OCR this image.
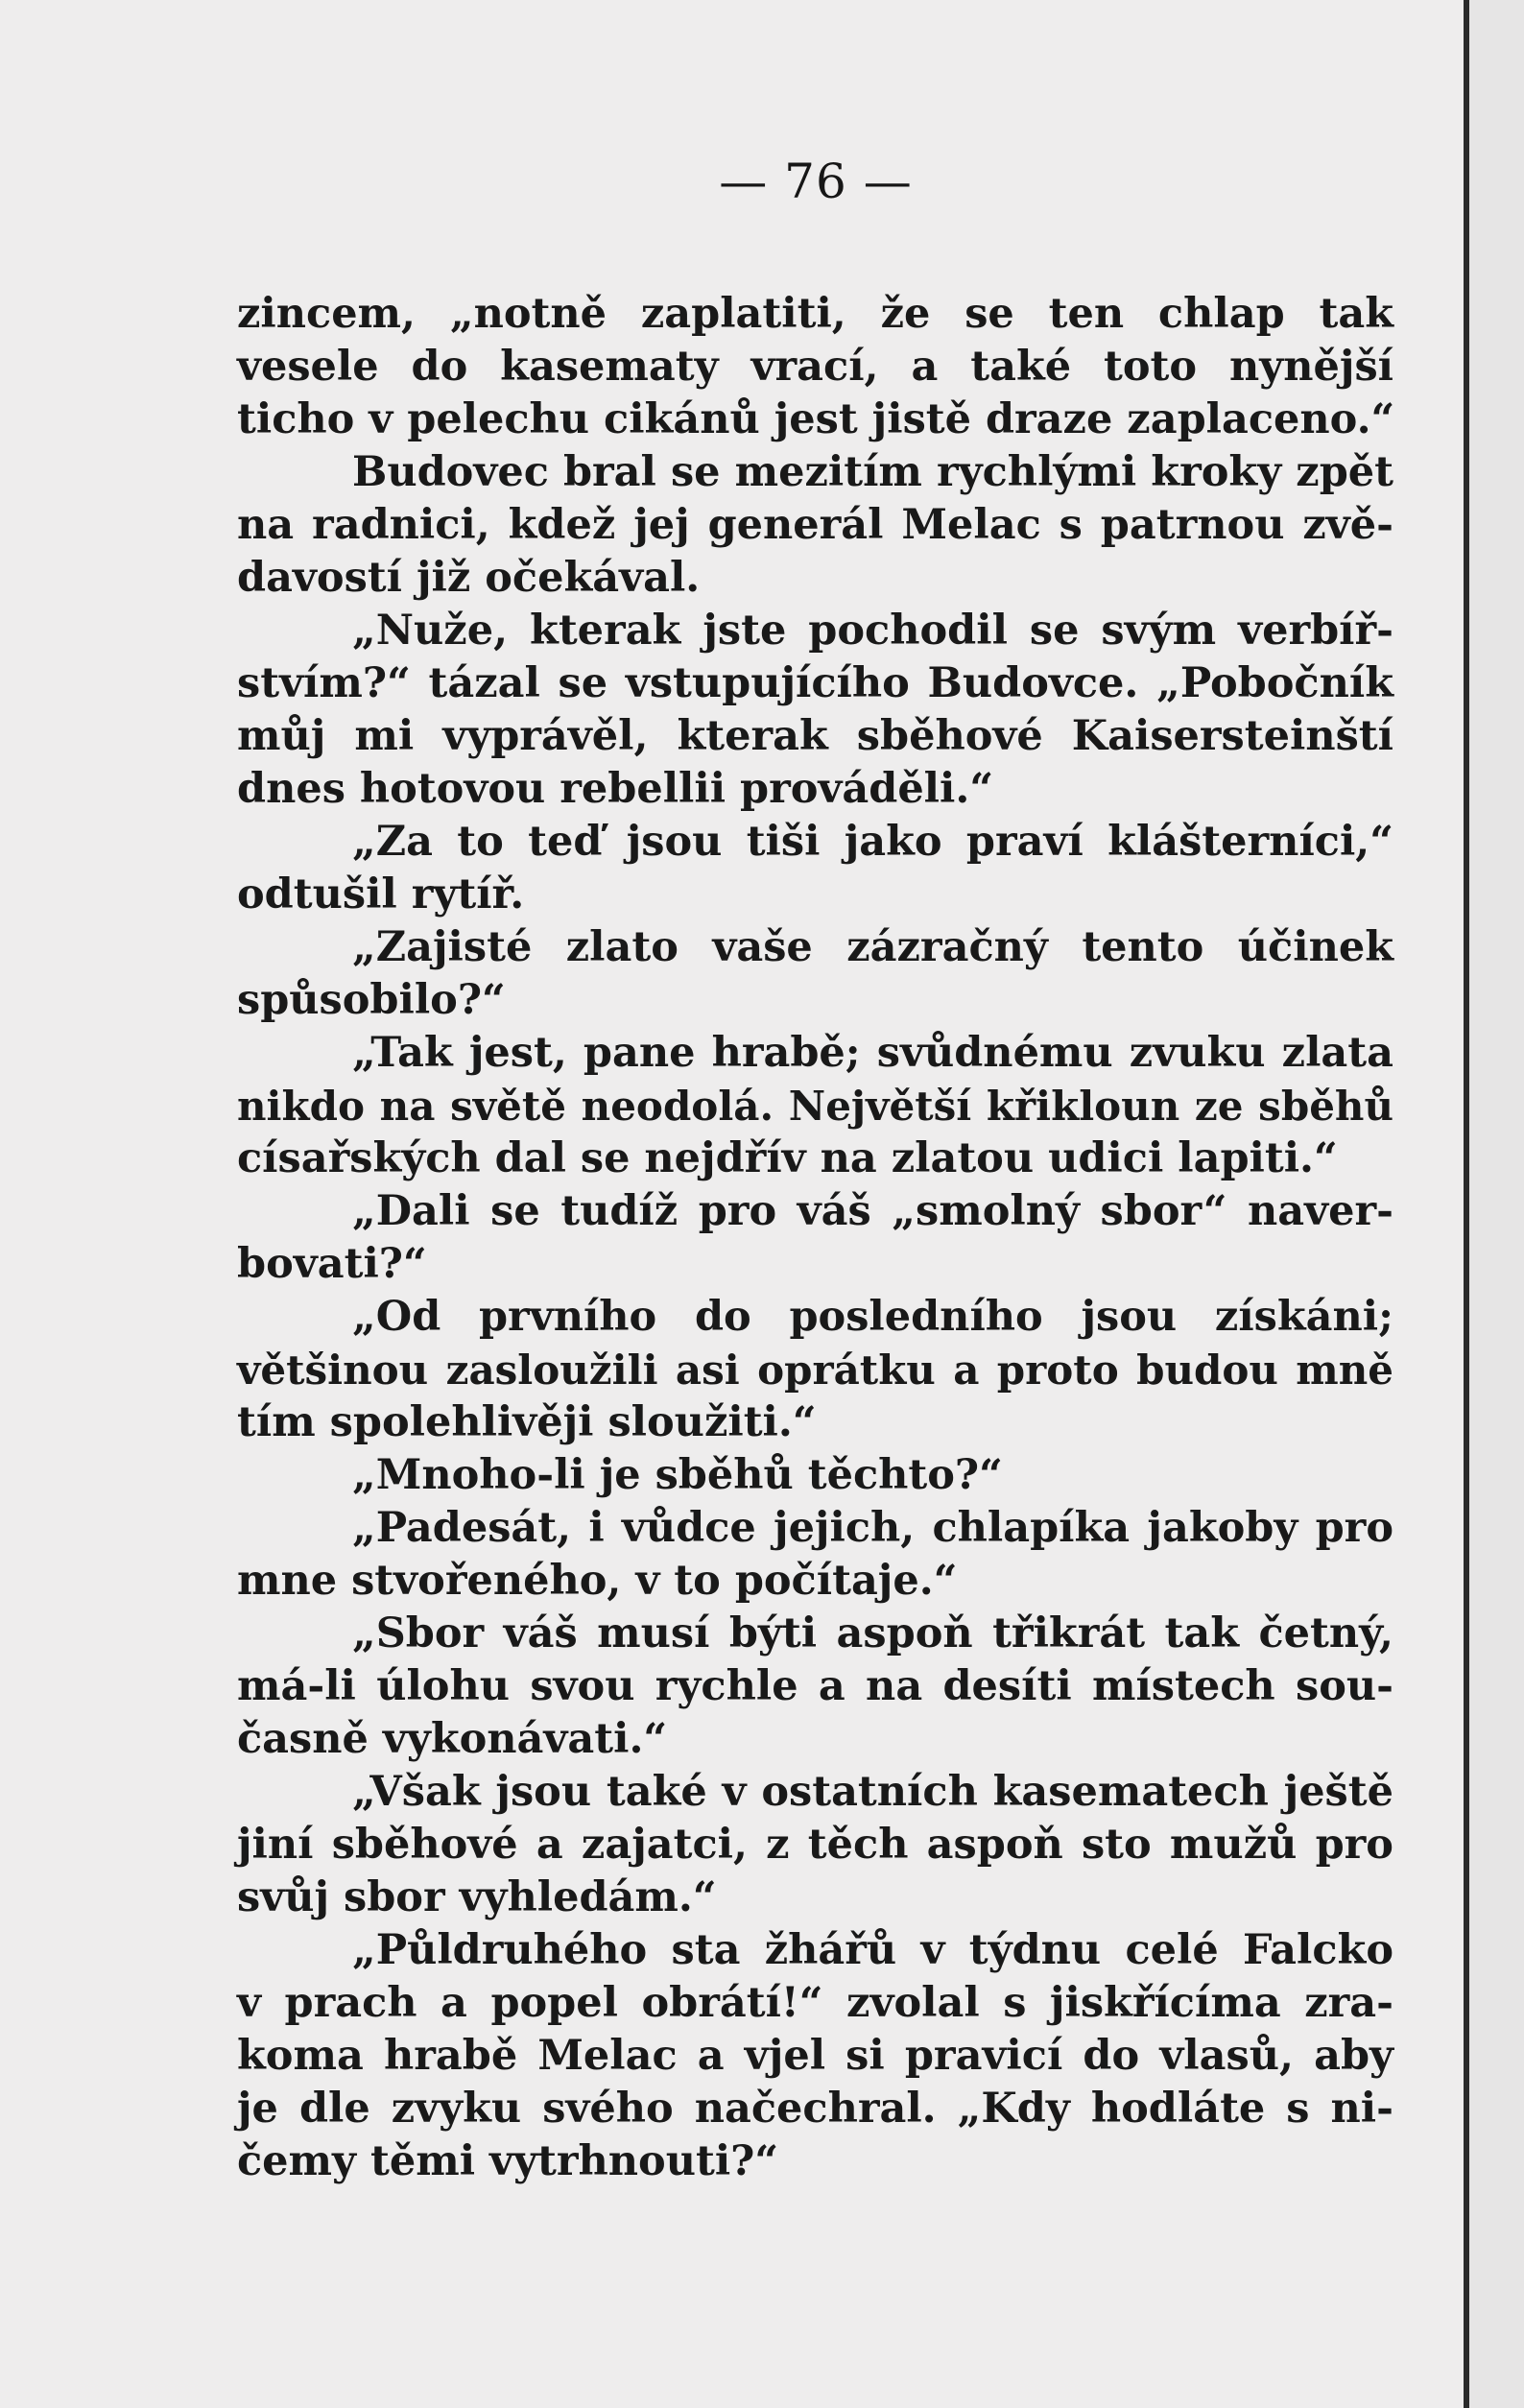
— 76 —
zincem, „notně zaplatiti, že se ten chlap tak
vesele do kasematy vrací, a také toto nynější
ticho v pelechu cikánů jest jistě draze zaplaceno.“
Budovec bral se mezitím rychlými kroky zpět
na radnici, kdež jej generál Melac s patrnou zvě-
davostí již očekával.
„Nuže, kterak jste pochodil se svým verbíř-
stvím?“ tázal se vstupujícího Budovce. „Pobočník
můj mi vyprávěl, kterak sběhové Kaisersteinští
dnes hotovou rebellii prováděli.“
„Za to teď jsou tiši jako praví klášterníci,“
odtušil rytíř.
„Zajisté zlato vaše zázračný tento účinek
spůsobilo?“
„Tak jest, pane hrabě; svůdnému zvuku zlata
nikdo na světě neodolá. Největší křikloun ze sběhů
císařských dal se nejdřív na zlatou udici lapiti.“
„Dali se tudíž pro váš „smolný sbor“ naver-
bovati?“
„Od prvního do posledního jsou získáni;
většinou zasloužili asi oprátku a proto budou mně
tím spolehlivěji sloužiti.“
„Mnoho-li je sběhů těchto?“
„Padesát, i vůdce jejich, chlapíka jakoby pro
mne stvořeného, v to počítaje.“
„Sbor váš musí býti aspoň třikrát tak četný,
má-li úlohu svou rychle a na desíti místech sou-
časně vykonávati.“
„Však jsou také v ostatních kasematech ještě
jiní sběhové a zajatci, z těch aspoň sto mužů pro
svůj sbor vyhledám.“
„Půldruhého sta žhářů v týdnu celé Falcko
v prach a popel obrátí!“ zvolal s jiskřícíma zra-
koma hrabě Melac a vjel si pravicí do vlasů, aby
je dle zvyku svého načechral. „Kdy hodláte s ni-
čemy těmi vytrhnouti?“
